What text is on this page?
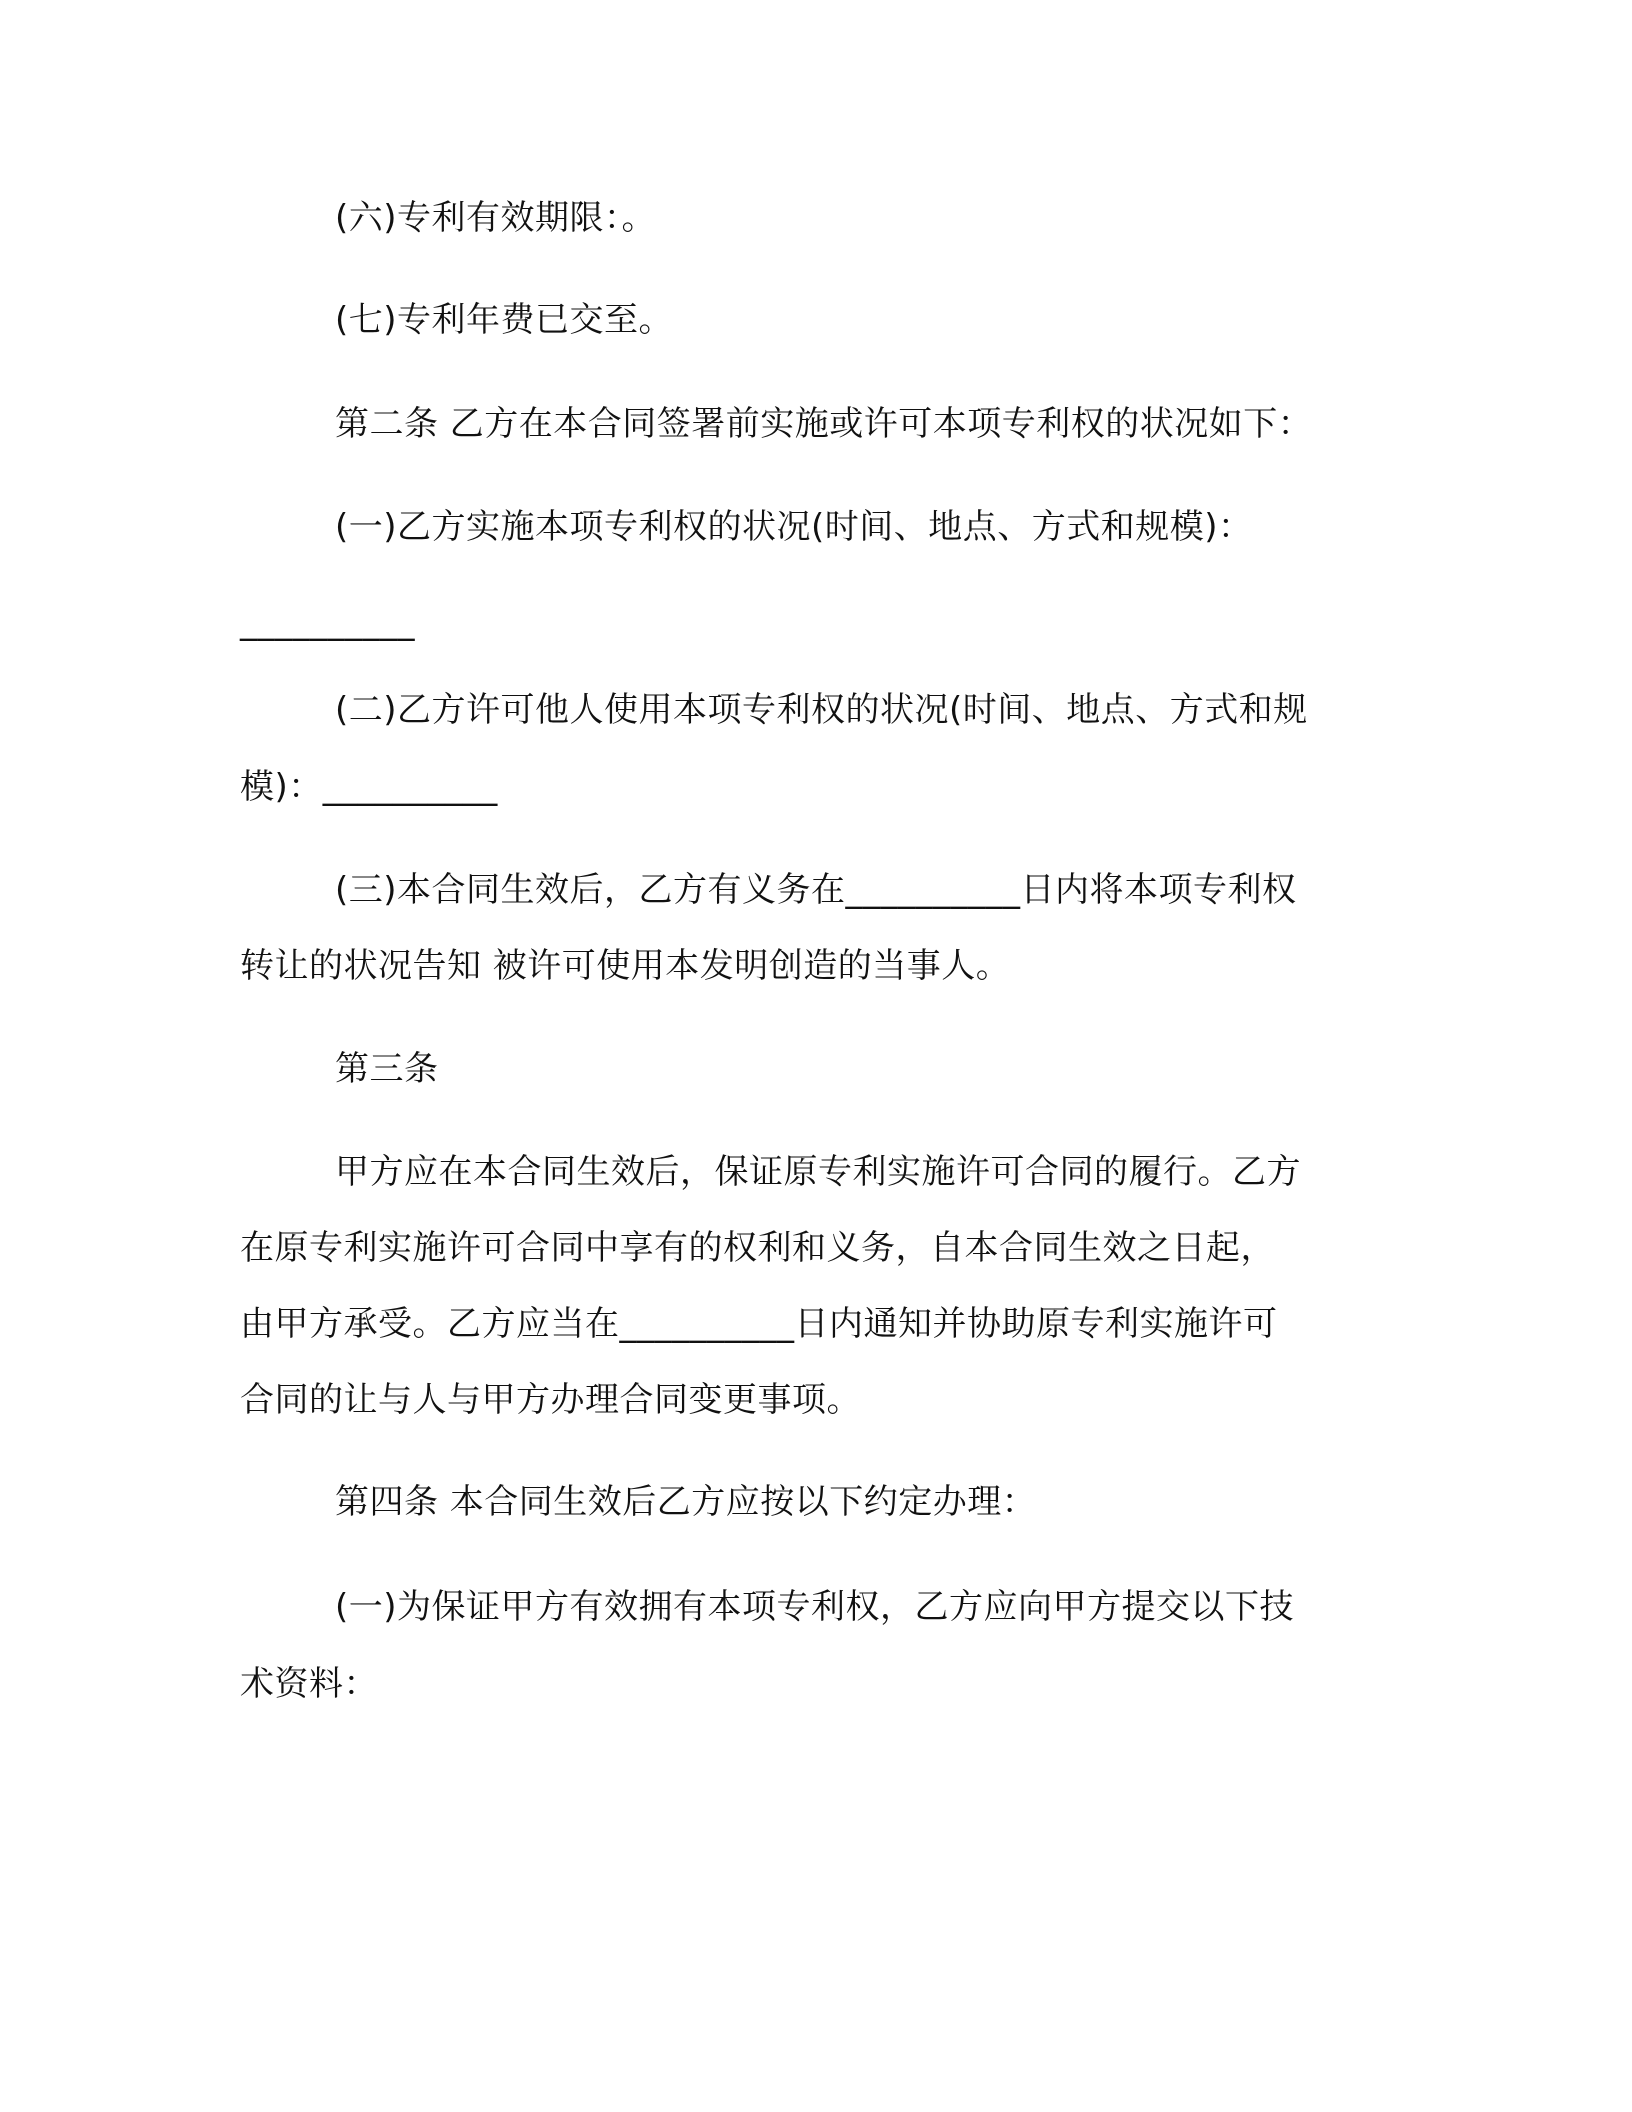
(六)专利有效期限：。
(七)专利年费已交至。
第二条 乙方在本合同签署前实施或许可本项专利权的状况如下：
(一)乙方实施本项专利权的状况(时间、地点、方式和规模)：
__________
(二)乙方许可他人使用本项专利权的状况(时间、地点、方式和规
模)：__________
(三)本合同生效后，乙方有义务在__________日内将本项专利权
转让的状况告知 被许可使用本发明创造的当事人。
第三条
甲方应在本合同生效后，保证原专利实施许可合同的履行。乙方
在原专利实施许可合同中享有的权利和义务，自本合同生效之日起，
由甲方承受。乙方应当在__________日内通知并协助原专利实施许可
合同的让与人与甲方办理合同变更事项。
第四条 本合同生效后乙方应按以下约定办理：
(一)为保证甲方有效拥有本项专利权，乙方应向甲方提交以下技
术资料：
